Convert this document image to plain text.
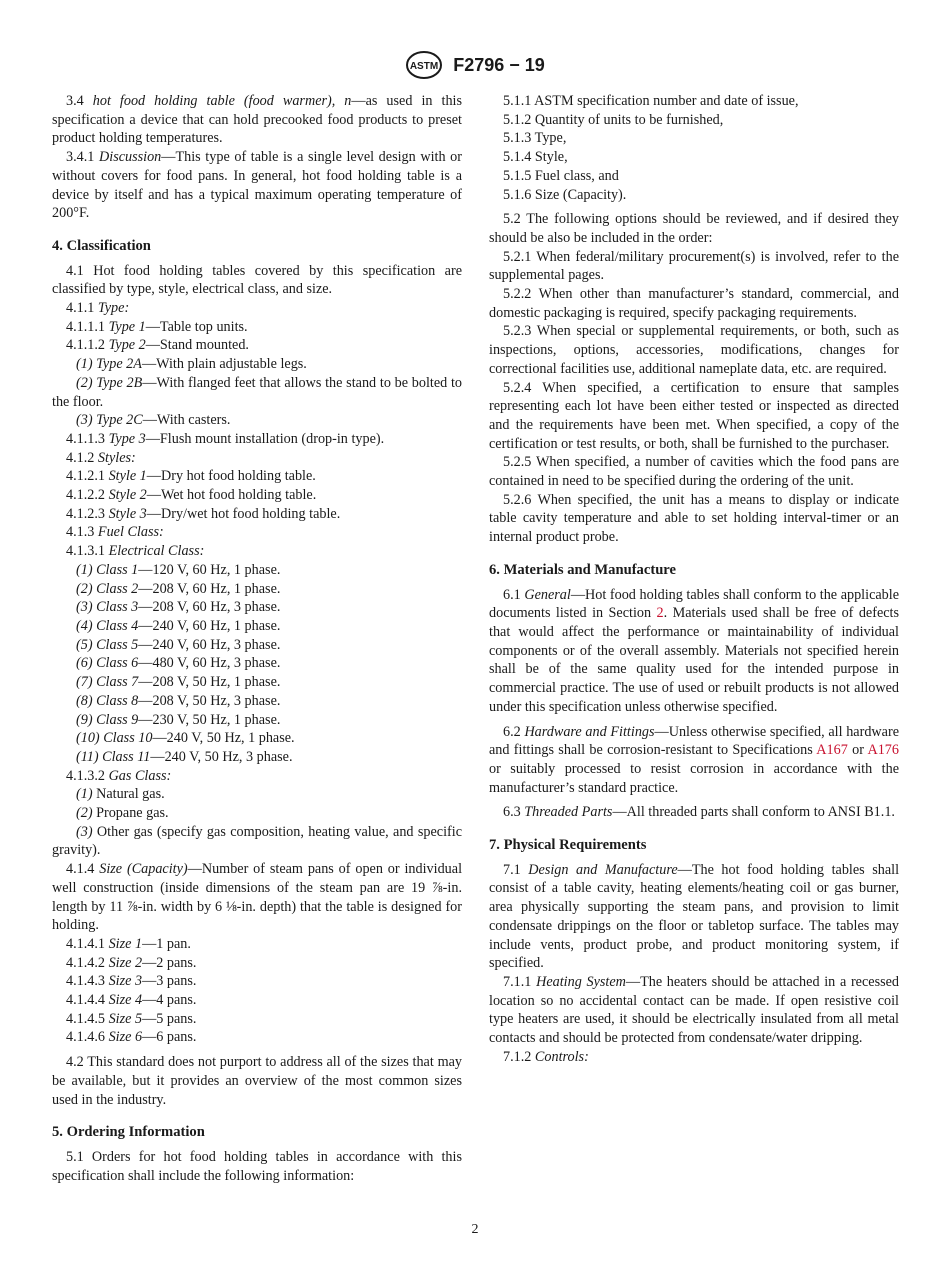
ASTM F2796 − 19

3.4 hot food holding table (food warmer), n—as used in this specification a device that can hold precooked food products to preset product holding temperatures.

3.4.1 Discussion—This type of table is a single level design with or without covers for food pans. In general, hot food holding table is a device by itself and has a typical maximum operating temperature of 200°F.

4. Classification

4.1 Hot food holding tables covered by this specification are classified by type, style, electrical class, and size.

4.1.1 Type:

4.1.1.1 Type 1—Table top units.

4.1.1.2 Type 2—Stand mounted.

(1) Type 2A—With plain adjustable legs.

(2) Type 2B—With flanged feet that allows the stand to be bolted to the floor.

(3) Type 2C—With casters.

4.1.1.3 Type 3—Flush mount installation (drop-in type).

4.1.2 Styles:

4.1.2.1 Style 1—Dry hot food holding table.

4.1.2.2 Style 2—Wet hot food holding table.

4.1.2.3 Style 3—Dry/wet hot food holding table.

4.1.3 Fuel Class:

4.1.3.1 Electrical Class:

(1) Class 1—120 V, 60 Hz, 1 phase.

(2) Class 2—208 V, 60 Hz, 1 phase.

(3) Class 3—208 V, 60 Hz, 3 phase.

(4) Class 4—240 V, 60 Hz, 1 phase.

(5) Class 5—240 V, 60 Hz, 3 phase.

(6) Class 6—480 V, 60 Hz, 3 phase.

(7) Class 7—208 V, 50 Hz, 1 phase.

(8) Class 8—208 V, 50 Hz, 3 phase.

(9) Class 9—230 V, 50 Hz, 1 phase.

(10) Class 10—240 V, 50 Hz, 1 phase.

(11) Class 11—240 V, 50 Hz, 3 phase.

4.1.3.2 Gas Class:

(1) Natural gas.

(2) Propane gas.

(3) Other gas (specify gas composition, heating value, and specific gravity).

4.1.4 Size (Capacity)—Number of steam pans of open or individual well construction (inside dimensions of the steam pan are 19 ⅞-in. length by 11 ⅞-in. width by 6 ⅛-in. depth) that the table is designed for holding.

4.1.4.1 Size 1—1 pan.

4.1.4.2 Size 2—2 pans.

4.1.4.3 Size 3—3 pans.

4.1.4.4 Size 4—4 pans.

4.1.4.5 Size 5—5 pans.

4.1.4.6 Size 6—6 pans.

4.2 This standard does not purport to address all of the sizes that may be available, but it provides an overview of the most common sizes used in the industry.

5. Ordering Information

5.1 Orders for hot food holding tables in accordance with this specification shall include the following information:

5.1.1 ASTM specification number and date of issue,

5.1.2 Quantity of units to be furnished,

5.1.3 Type,

5.1.4 Style,

5.1.5 Fuel class, and

5.1.6 Size (Capacity).

5.2 The following options should be reviewed, and if desired they should be also be included in the order:

5.2.1 When federal/military procurement(s) is involved, refer to the supplemental pages.

5.2.2 When other than manufacturer’s standard, commercial, and domestic packaging is required, specify packaging requirements.

5.2.3 When special or supplemental requirements, or both, such as inspections, options, accessories, modifications, changes for correctional facilities use, additional nameplate data, etc. are required.

5.2.4 When specified, a certification to ensure that samples representing each lot have been either tested or inspected as directed and the requirements have been met. When specified, a copy of the certification or test results, or both, shall be furnished to the purchaser.

5.2.5 When specified, a number of cavities which the food pans are contained in need to be specified during the ordering of the unit.

5.2.6 When specified, the unit has a means to display or indicate table cavity temperature and able to set holding interval-timer or an internal product probe.

6. Materials and Manufacture

6.1 General—Hot food holding tables shall conform to the applicable documents listed in Section 2. Materials used shall be free of defects that would affect the performance or maintainability of individual components or of the overall assembly. Materials not specified herein shall be of the same quality used for the intended purpose in commercial practice. The use of used or rebuilt products is not allowed under this specification unless otherwise specified.

6.2 Hardware and Fittings—Unless otherwise specified, all hardware and fittings shall be corrosion-resistant to Specifications A167 or A176 or suitably processed to resist corrosion in accordance with the manufacturer’s standard practice.

6.3 Threaded Parts—All threaded parts shall conform to ANSI B1.1.

7. Physical Requirements

7.1 Design and Manufacture—The hot food holding tables shall consist of a table cavity, heating elements/heating coil or gas burner, area physically supporting the steam pans, and provision to limit condensate drippings on the floor or tabletop surface. The tables may include vents, product probe, and product monitoring system, if specified.

7.1.1 Heating System—The heaters should be attached in a recessed location so no accidental contact can be made. If open resistive coil type heaters are used, it should be electrically insulated from all metal contacts and should be protected from condensate/water dripping.

7.1.2 Controls:

2
